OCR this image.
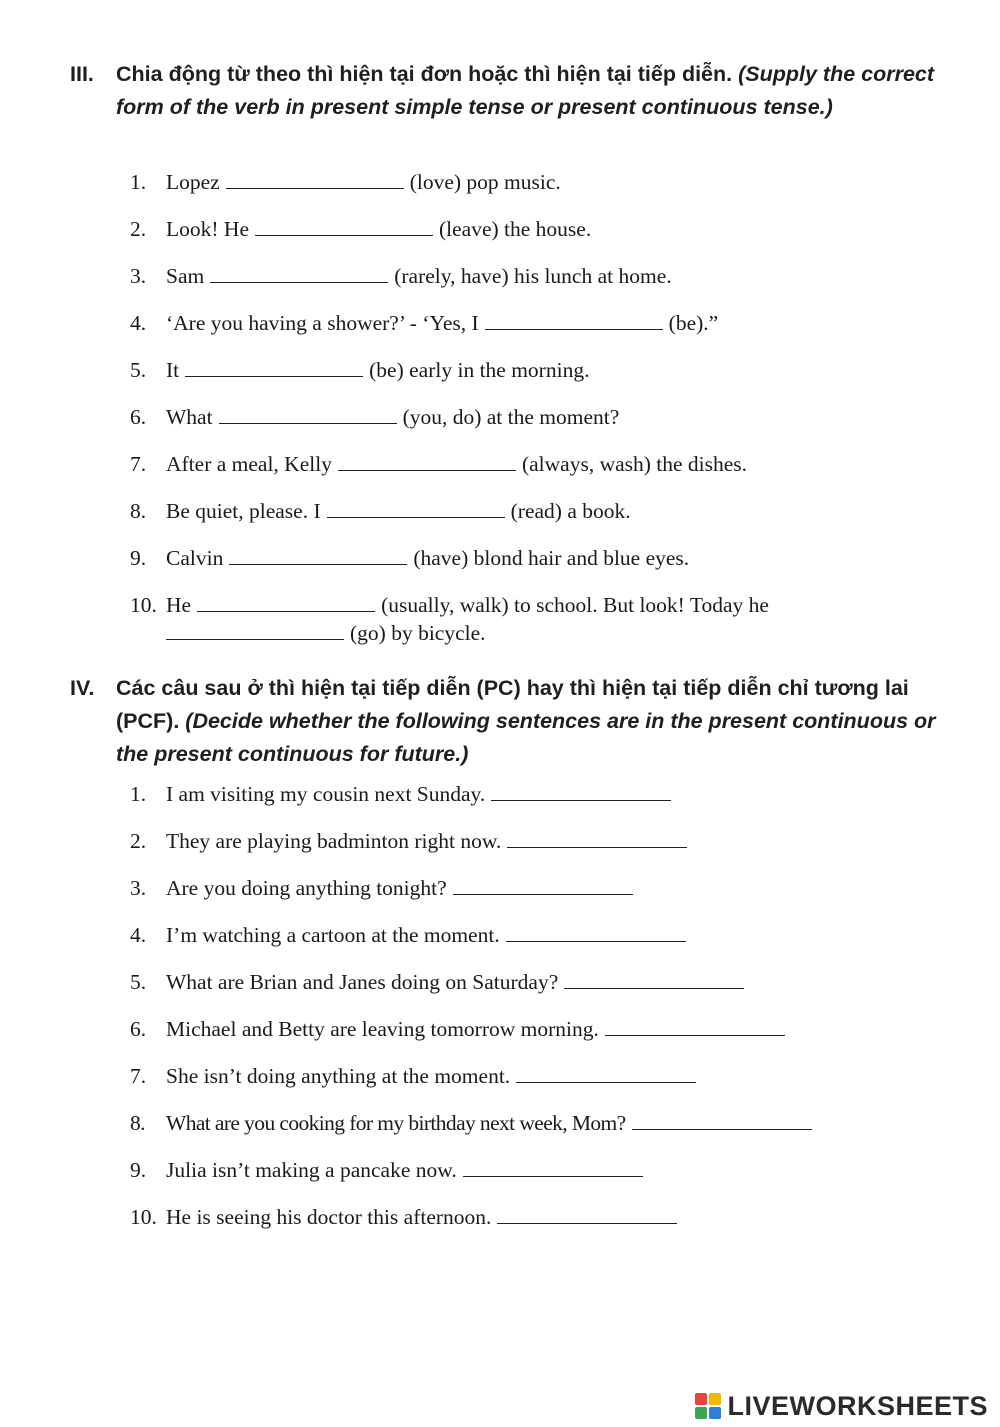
III. Chia động từ theo thì hiện tại đơn hoặc thì hiện tại tiếp diễn. (Supply the correct form of the verb in present simple tense or present continuous tense.)
1. Lopez	(love) pop music.
2. Look! He	(leave) the house.
3. Sam	(rarely, have) his lunch at home.
4. ‘Are you having a shower?’ - ‘Yes, I	(be).”
5. It	(be) early in the morning.
6. What	(you, do) at the moment?
7. After a meal, Kelly	(always, wash) the dishes.
8. Be quiet, please. I	(read) a book.
9. Calvin	(have) blond hair and blue eyes.
10. He	(usually, walk) to school. But look! Today he
(go) by bicycle.
IV. Các câu sau ở thì hiện tại tiếp diễn (PC) hay thì hiện tại tiếp diễn chỉ tương lai (PCF). (Decide whether the following sentences are in the present continuous or the present continuous for future.)
1. I am visiting my cousin next Sunday.
2. They are playing badminton right now.
3. Are you doing anything tonight?
4. I’m watching a cartoon at the moment.
5. What are Brian and Janes doing on Saturday?
6. Michael and Betty are leaving tomorrow morning.
7. She isn’t doing anything at the moment.
8. What are you cooking for my birthday next week, Mom?
9. Julia isn’t making a pancake now.
10. He is seeing his doctor this afternoon.
LIVEWORKSHEETS
